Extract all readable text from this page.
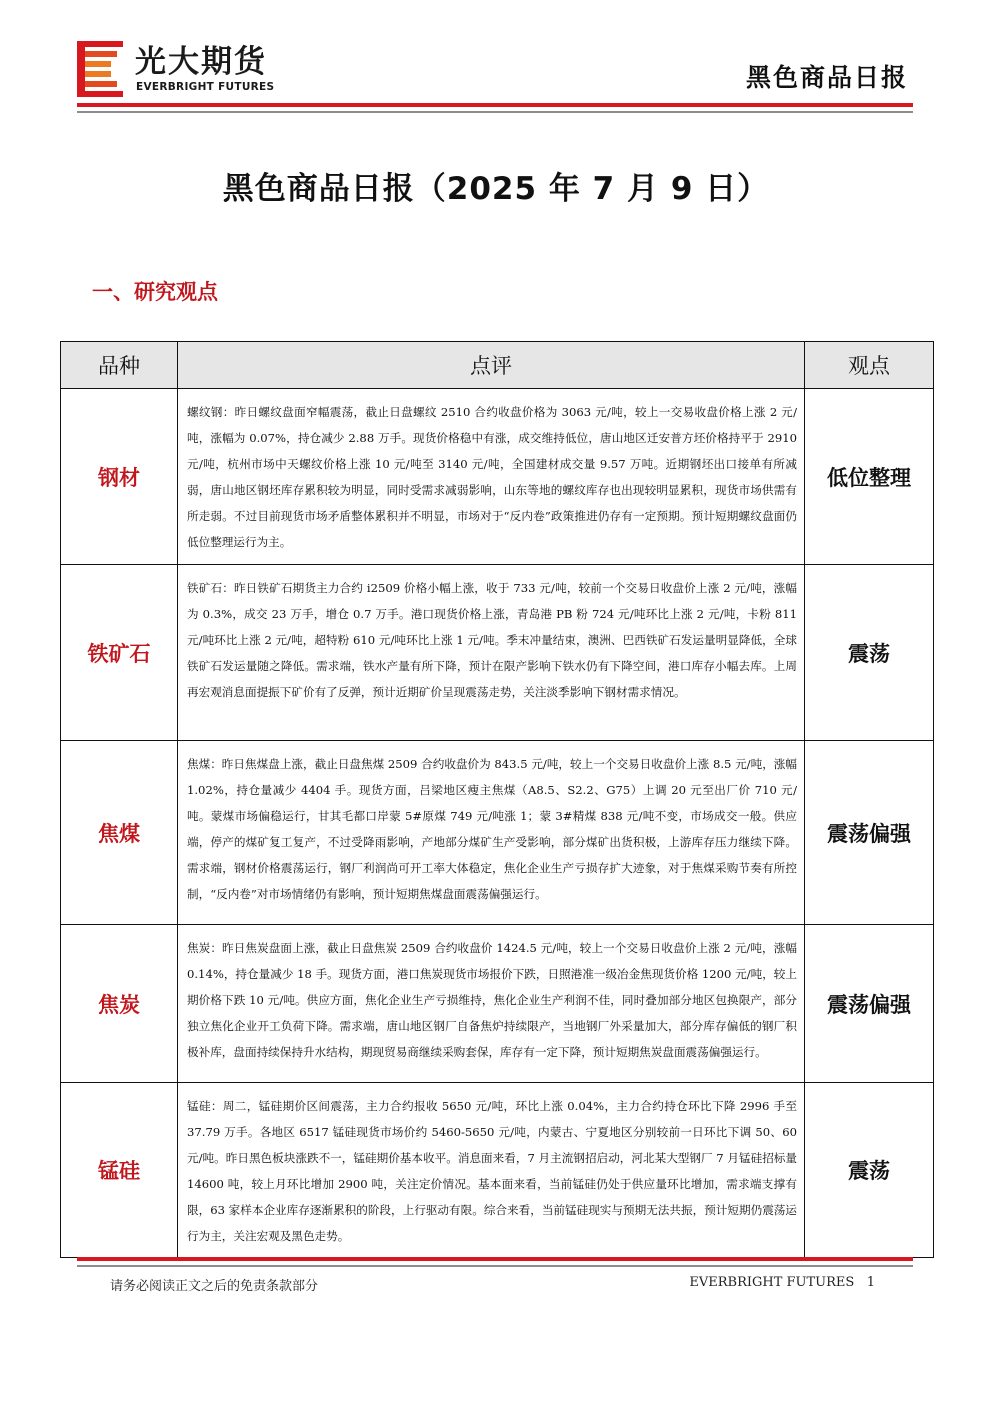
光大期货
EVERBRIGHT FUTURES	黑色商品日报
黑色商品日报（2025 年 7 月 9 日）
一、研究观点
品种	点评	观点
钢材	螺纹钢：昨日螺纹盘面窄幅震荡，截止日盘螺纹 2510 合约收盘价格为 3063 元/吨，较上一交易收盘价格上涨 2 元/吨，涨幅为 0.07%，持仓减少 2.88 万手。现货价格稳中有涨，成交维持低位，唐山地区迁安普方坯价格持平于 2910 元/吨，杭州市场中天螺纹价格上涨 10 元/吨至 3140 元/吨，全国建材成交量 9.57 万吨。近期钢坯出口接单有所减弱，唐山地区钢坯库存累积较为明显，同时受需求减弱影响，山东等地的螺纹库存也出现较明显累积，现货市场供需有所走弱。不过目前现货市场矛盾整体累积并不明显，市场对于“反内卷”政策推进仍存有一定预期。预计短期螺纹盘面仍低位整理运行为主。	低位整理
铁矿石	铁矿石：昨日铁矿石期货主力合约 i2509 价格小幅上涨，收于 733 元/吨，较前一个交易日收盘价上涨 2 元/吨，涨幅为 0.3%，成交 23 万手，增仓 0.7 万手。港口现货价格上涨，青岛港 PB 粉 724 元/吨环比上涨 2 元/吨，卡粉 811 元/吨环比上涨 2 元/吨，超特粉 610 元/吨环比上涨 1 元/吨。季末冲量结束，澳洲、巴西铁矿石发运量明显降低，全球铁矿石发运量随之降低。需求端，铁水产量有所下降，预计在限产影响下铁水仍有下降空间，港口库存小幅去库。上周再宏观消息面提振下矿价有了反弹，预计近期矿价呈现震荡走势，关注淡季影响下钢材需求情况。	震荡
焦煤	焦煤：昨日焦煤盘上涨，截止日盘焦煤 2509 合约收盘价为 843.5 元/吨，较上一个交易日收盘价上涨 8.5 元/吨，涨幅 1.02%，持仓量减少 4404 手。现货方面，吕梁地区瘦主焦煤（A8.5、S2.2、G75）上调 20 元至出厂价 710 元/吨。蒙煤市场偏稳运行，甘其毛都口岸蒙 5#原煤 749 元/吨涨 1；蒙 3#精煤 838 元/吨不变，市场成交一般。供应端，停产的煤矿复工复产，不过受降雨影响，产地部分煤矿生产受影响，部分煤矿出货积极，上游库存压力继续下降。需求端，钢材价格震荡运行，钢厂利润尚可开工率大体稳定，焦化企业生产亏损存扩大迹象，对于焦煤采购节奏有所控制，“反内卷”对市场情绪仍有影响，预计短期焦煤盘面震荡偏强运行。	震荡偏强
焦炭	焦炭：昨日焦炭盘面上涨，截止日盘焦炭 2509 合约收盘价 1424.5 元/吨，较上一个交易日收盘价上涨 2 元/吨，涨幅 0.14%，持仓量减少 18 手。现货方面，港口焦炭现货市场报价下跌，日照港准一级冶金焦现货价格 1200 元/吨，较上期价格下跌 10 元/吨。供应方面，焦化企业生产亏损维持，焦化企业生产利润不佳，同时叠加部分地区包换限产，部分独立焦化企业开工负荷下降。需求端，唐山地区钢厂自备焦炉持续限产，当地钢厂外采量加大，部分库存偏低的钢厂积极补库，盘面持续保持升水结构，期现贸易商继续采购套保，库存有一定下降，预计短期焦炭盘面震荡偏强运行。	震荡偏强
锰硅	锰硅：周二，锰硅期价区间震荡，主力合约报收 5650 元/吨，环比上涨 0.04%，主力合约持仓环比下降 2996 手至 37.79 万手。各地区 6517 锰硅现货市场价约 5460-5650 元/吨，内蒙古、宁夏地区分别较前一日环比下调 50、60 元/吨。昨日黑色板块涨跌不一，锰硅期价基本收平。消息面来看，7 月主流钢招启动，河北某大型钢厂 7 月锰硅招标量 14600 吨，较上月环比增加 2900 吨，关注定价情况。基本面来看，当前锰硅仍处于供应量环比增加，需求端支撑有限，63 家样本企业库存逐渐累积的阶段，上行驱动有限。综合来看，当前锰硅现实与预期无法共振，预计短期仍震荡运行为主，关注宏观及黑色走势。	震荡
请务必阅读正文之后的免责条款部分	EVERBRIGHT FUTURES 1
